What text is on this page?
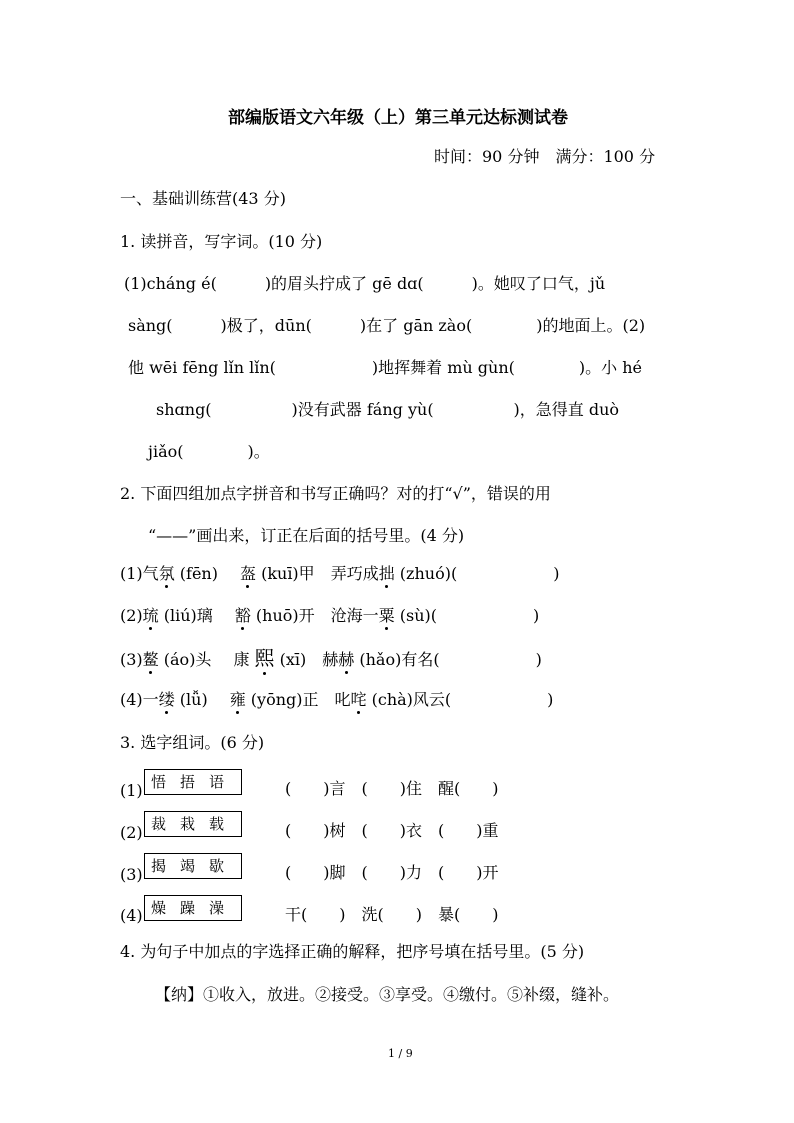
部编版语文六年级（上）第三单元达标测试卷
时间：90 分钟　满分：100 分
一、基础训练营(43 分)
1. 读拼音，写字词。(10 分)
(1)cháng é(　　　)的眉头拧成了 gē dɑ(　　　)。她叹了口气，jǔ
sàng(　　　)极了，dūn(　　　)在了 gān zào(　　　　)的地面上。(2)
他 wēi fēng lǐn lǐn(　　　　　　)地挥舞着 mù gùn(　　　　)。小 hé
shɑng(　　　　　)没有武器 fáng yù(　　　　　)，急得直 duò
jiǎo(　　　　)。
2. 下面四组加点字拼音和书写正确吗？对的打“√”，错误的用
“——”画出来，订正在后面的括号里。(4 分)
(1)气氛 (fēn) 盔 (kuī)甲 弄巧成拙 (zhuó)(　　　　　　)
(2)琉 (liú)璃 豁 (huō)开 沧海一粟 (sù)(　　　　　　)
(3)鳌 (áo)头 康 熙 (xī) 赫赫 (hǎo)有名(　　　　　　)
(4)一缕 (lǚ) 雍 (yōng)正 叱咤 (chà)风云(　　　　　　)
3. 选字组词。(6 分)
(1) 悟捂语	(　　)言　(　　)住　醒(　　)
(2) 裁栽载	(　　)树　(　　)衣　(　　)重
(3) 揭竭歇	(　　)脚　(　　)力　(　　)开
(4) 燥躁澡	干(　　)　洗(　　)　暴(　　)
4. 为句子中加点的字选择正确的解释，把序号填在括号里。(5 分)
【纳】①收入，放进。②接受。③享受。④缴付。⑤补缀，缝补。
1 / 9
